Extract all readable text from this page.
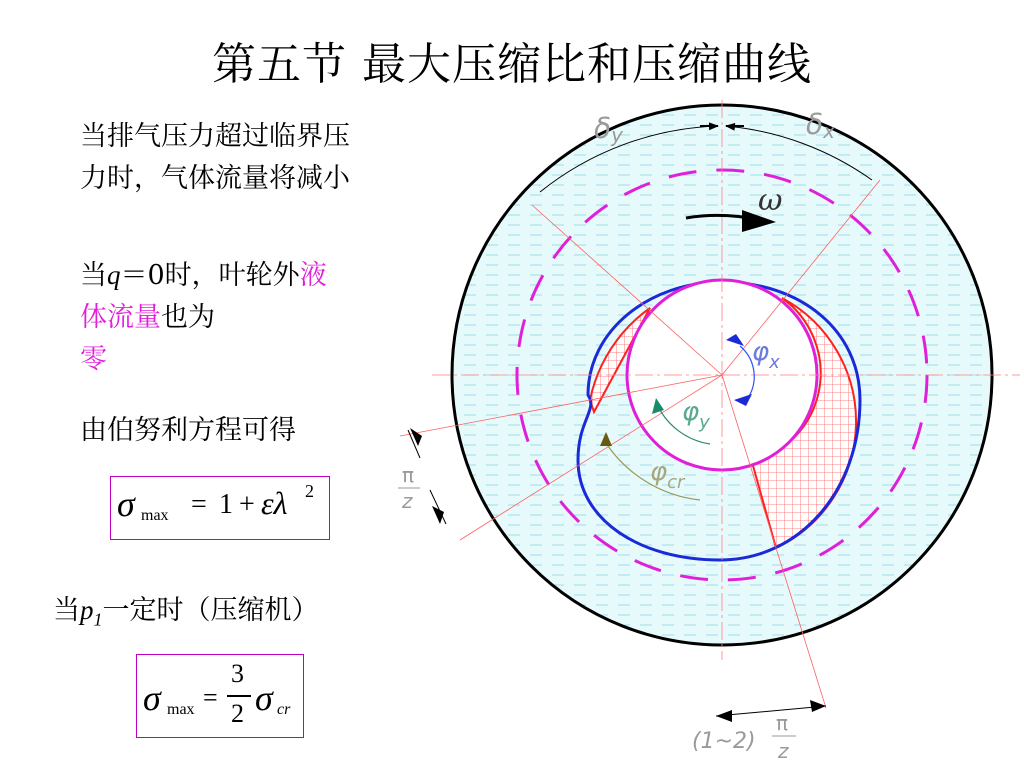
第五节 最大压缩比和压缩曲线
当排气压力超过临界压力时，气体流量将减小
当q＝0时，叶轮外液体流量也为
零
由伯努利方程可得
σ max = 1 + ελ 2
当$p_1$一定时（压缩机）
σ max =
3
2 σ cr
δy	δx
ω
$\varphi_x$
$\varphi_y$
$\varphi_{cr}$
π
z
(1~2)
π
z
